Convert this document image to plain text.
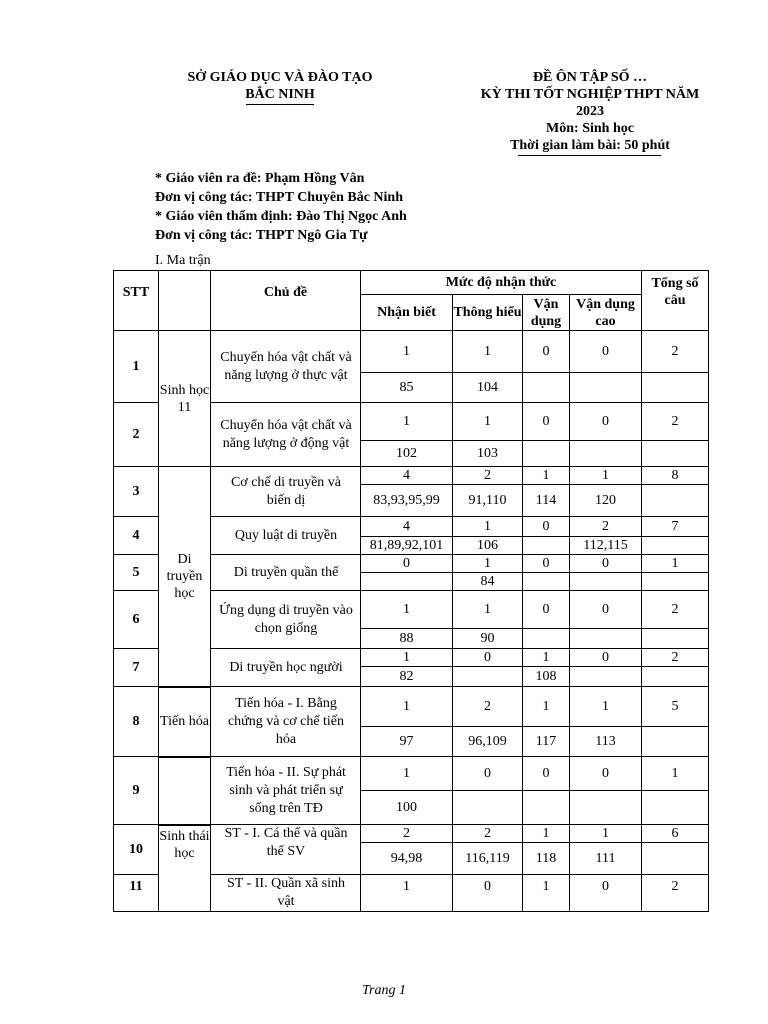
SỞ GIÁO DỤC VÀ ĐÀO TẠO
BẮC NINH
ĐỀ ÔN TẬP SỐ …
KỲ THI TỐT NGHIỆP THPT NĂM
2023
Môn: Sinh học
Thời gian làm bài: 50 phút
* Giáo viên ra đề: Phạm Hồng Vân
Đơn vị công tác: THPT Chuyên Bắc Ninh
* Giáo viên thẩm định: Đào Thị Ngọc Anh
Đơn vị công tác: THPT Ngô Gia Tự
I. Ma trận
STT		Chủ đề	Mức độ nhận thức				Tổng số câu
			Nhận biết	Thông hiểu	Vận dụng	Vận dụng cao	
1	Sinh học 11	Chuyển hóa vật chất và năng lượng ở thực vật	1	1	0	0	2
			85	104			
2		Chuyển hóa vật chất và năng lượng ở động vật	1	1	0	0	2
			102	103			
3	Di truyền học	Cơ chế di truyền và biến dị	4	2	1	1	8
			83,93,95,99	91,110	114	120	
4		Quy luật di truyền	4	1	0	2	7
			81,89,92,101	106		112,115	
5		Di truyền quần thể	0	1	0	0	1
				84			
6		Ứng dụng di truyền vào chọn giống	1	1	0	0	2
			88	90			
7		Di truyền học người	1	0	1	0	2
			82		108		
8	Tiến hóa	Tiến hóa - I. Bằng chứng và cơ chế tiến hóa	1	2	1	1	5
			97	96,109	117	113	
9		Tiến hóa - II. Sự phát sinh và phát triển sự sống trên TĐ	1	0	0	0	1
			100				
10	Sinh thái học	ST - I. Cá thể và quần thể SV	2	2	1	1	6
			94,98	116,119	118	111	
11		ST - II. Quần xã sinh vật	1	0	1	0	2
Trang 1
